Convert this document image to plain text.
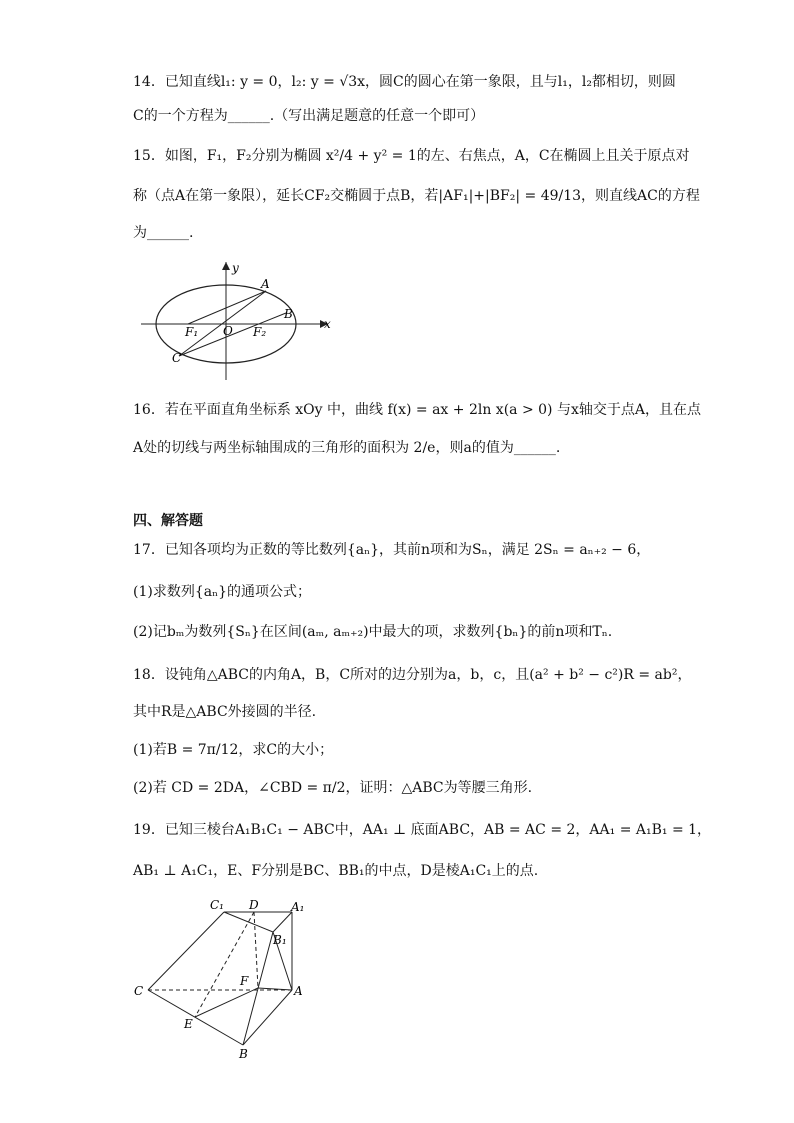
14．已知直线l₁: y = 0，l₂: y = √3x，圆C的圆心在第一象限，且与l₁，l₂都相切，则圆
C的一个方程为______.（写出满足题意的任意一个即可）
15．如图，F₁，F₂分别为椭圆 x²/4 + y² = 1的左、右焦点，A，C在椭圆上且关于原点对
称（点A在第一象限），延长CF₂交椭圆于点B，若|AF₁|+|BF₂| = 49/13，则直线AC的方程
为______.
y
x
A
B
C
O
F₁	F₂
16．若在平面直角坐标系 xOy 中，曲线 f(x) = ax + 2ln x(a > 0) 与x轴交于点A，且在点
A处的切线与两坐标轴围成的三角形的面积为 2/e，则a的值为______.
四、解答题
17．已知各项均为正数的等比数列{aₙ}，其前n项和为Sₙ，满足 2Sₙ = aₙ₊₂ − 6，
(1)求数列{aₙ}的通项公式；
(2)记bₘ为数列{Sₙ}在区间(aₘ, aₘ₊₂)中最大的项，求数列{bₙ}的前n项和Tₙ.
18．设钝角△ABC的内角A，B，C所对的边分别为a，b，c，且(a² + b² − c²)R = ab²，
其中R是△ABC外接圆的半径.
(1)若B = 7π/12，求C的大小；
(2)若 CD = 2DA，∠CBD = π/2，证明：△ABC为等腰三角形.
19．已知三棱台A₁B₁C₁ − ABC中，AA₁ ⊥ 底面ABC，AB = AC = 2，AA₁ = A₁B₁ = 1，
AB₁ ⊥ A₁C₁，E、F分别是BC、BB₁的中点，D是棱A₁C₁上的点.
C₁ D	A₁
B₁
F
C	A
E
B
